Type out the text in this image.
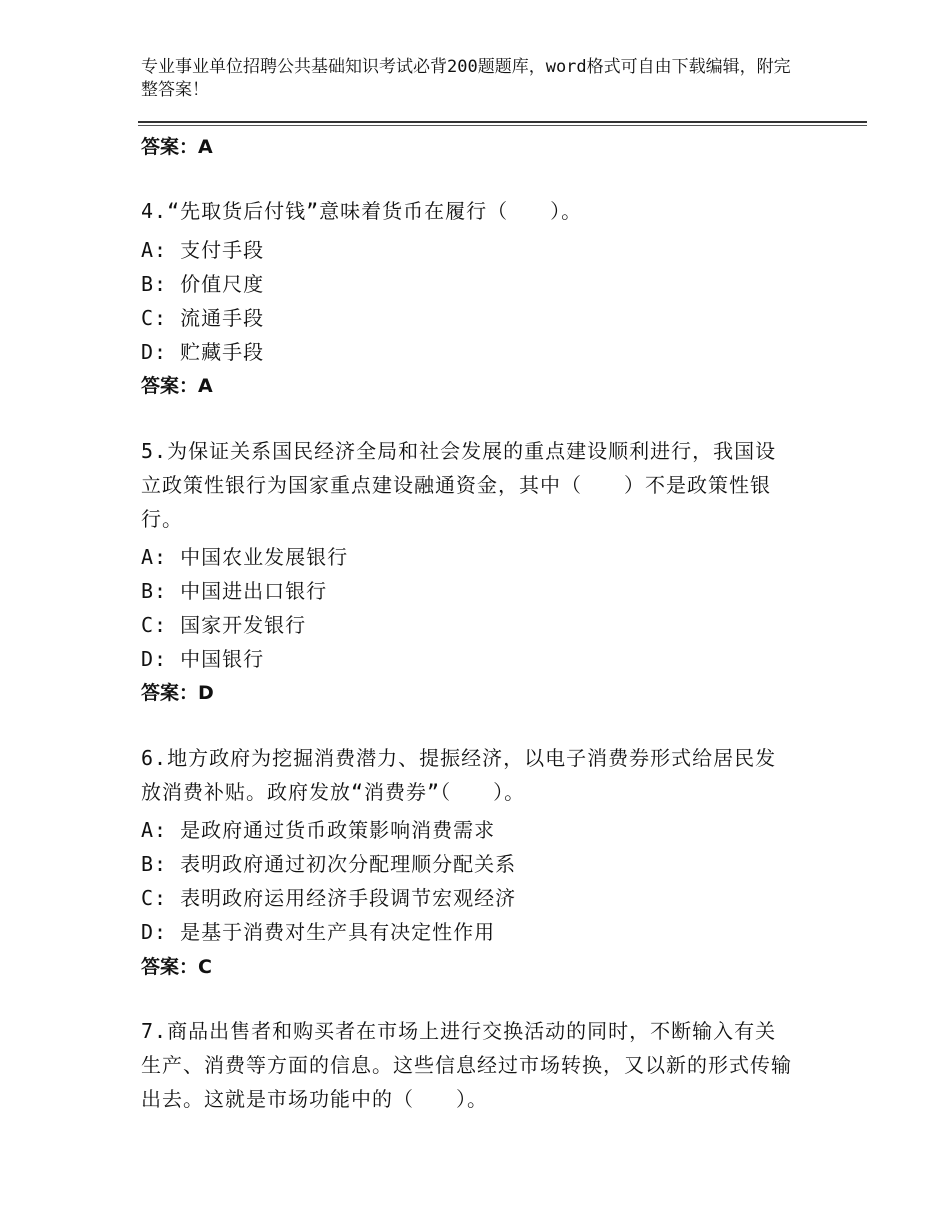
专业事业单位招聘公共基础知识考试必背200题题库，word格式可自由下载编辑，附完整答案！
答案：A
4.“先取货后付钱”意味着货币在履行（　　）。
A: 支付手段
B: 价值尺度
C: 流通手段
D: 贮藏手段
答案：A
5.为保证关系国民经济全局和社会发展的重点建设顺利进行，我国设立政策性银行为国家重点建设融通资金，其中（　　）不是政策性银行。
A: 中国农业发展银行
B: 中国进出口银行
C: 国家开发银行
D: 中国银行
答案：D
6.地方政府为挖掘消费潜力、提振经济，以电子消费券形式给居民发放消费补贴。政府发放“消费券”（　　）。
A: 是政府通过货币政策影响消费需求
B: 表明政府通过初次分配理顺分配关系
C: 表明政府运用经济手段调节宏观经济
D: 是基于消费对生产具有决定性作用
答案：C
7.商品出售者和购买者在市场上进行交换活动的同时，不断输入有关生产、消费等方面的信息。这些信息经过市场转换，又以新的形式传输出去。这就是市场功能中的（　　）。
